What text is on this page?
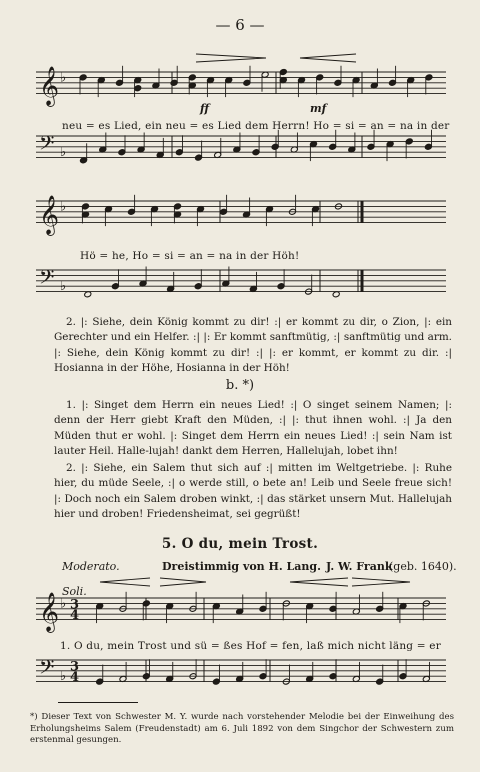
— 6 —
𝄞 ♭
𝄢 ♭
𝄞 ♭
𝄢 ♭
𝄞 ♭ 3
4
𝄢 ♭
3
4
ff	mf
neu = es Lied, ein neu = es Lied dem Herrn! Ho = si = an = na in der
Hö = he, Ho = si = an = na in der Höh!

2. |: Siehe, dein König kommt zu dir! :| er kommt zu dir, o Zion, |: ein Gerechter und ein Helfer. :| |: Er kommt sanftmütig, :| sanftmütig und arm. |: Siehe, dein König kommt zu dir! :| |: er kommt, er kommt zu dir. :| Hosianna in der Höhe, Hosianna in der Höh!

b. *)

1. |: Singet dem Herrn ein neues Lied! :| O singet seinem Namen; |: denn der Herr giebt Kraft den Müden, :| |: thut ihnen wohl. :| Ja den Müden thut er wohl. |: Singet dem Herrn ein neues Lied! :| sein Nam ist lauter Heil. Halle-lujah! dankt dem Herren, Hallelujah, lobet ihn!

2. |: Siehe, ein Salem thut sich auf :| mitten im Weltgetriebe. |: Ruhe hier, du müde Seele, :| o werde still, o bete an! Leib und Seele freue sich! |: Doch noch ein Salem droben winkt, :| das stärket unsern Mut. Hallelujah hier und droben! Friedensheimat, sei gegrüßt!

5. O du, mein Trost.
Moderato.	Dreistimmig von H. Lang. J. W. Frank
(geb. 1640).
Soli.
1. O du, mein Trost und sü = ßes Hof = fen, laß mich nicht läng = er
*) Dieser Text von Schwester M. Y. wurde nach vorstehender Melodie bei der Einweihung des Erholungsheims Salem (Freudenstadt) am 6. Juli 1892 von dem Singchor der Schwestern zum erstenmal gesungen.
